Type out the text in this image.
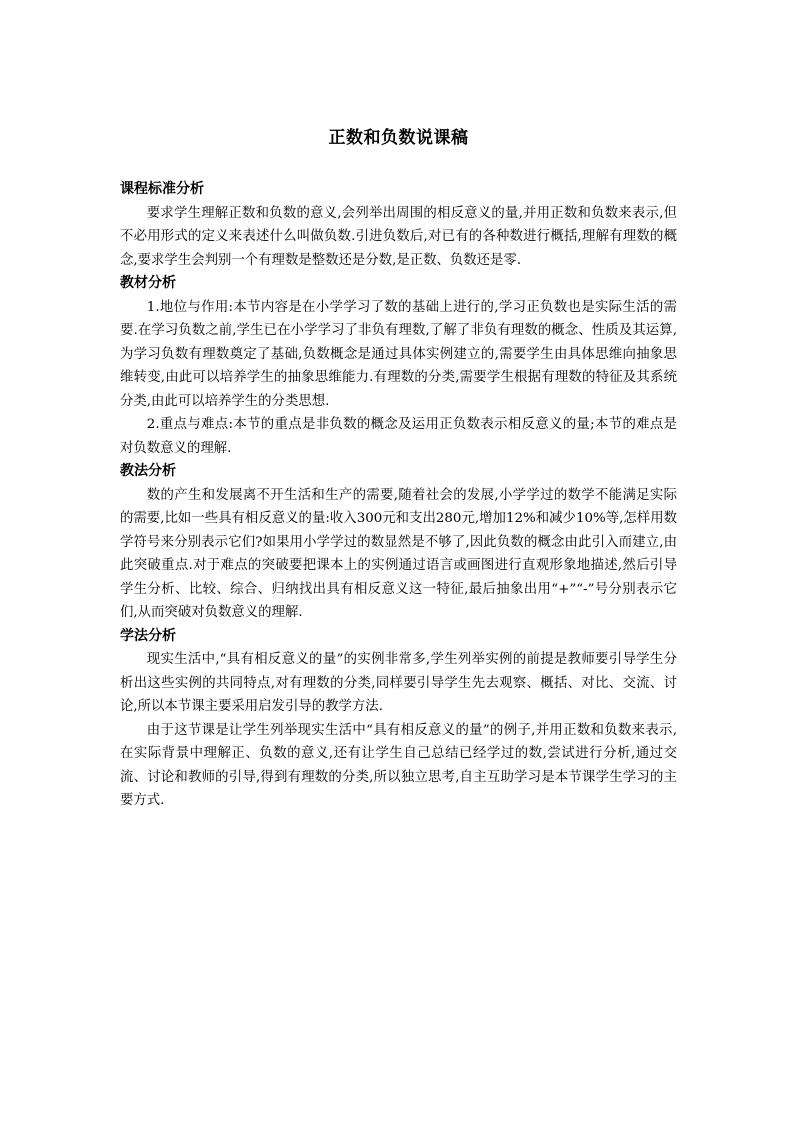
正数和负数说课稿
课程标准分析

要求学生理解正数和负数的意义,会列举出周围的相反意义的量,并用正数和负数来表示,但不必用形式的定义来表述什么叫做负数.引进负数后,对已有的各种数进行概括,理解有理数的概念,要求学生会判别一个有理数是整数还是分数,是正数、负数还是零.

教材分析

1.地位与作用:本节内容是在小学学习了数的基础上进行的,学习正负数也是实际生活的需要.在学习负数之前,学生已在小学学习了非负有理数,了解了非负有理数的概念、性质及其运算,为学习负数有理数奠定了基础,负数概念是通过具体实例建立的,需要学生由具体思维向抽象思维转变,由此可以培养学生的抽象思维能力.有理数的分类,需要学生根据有理数的特征及其系统分类,由此可以培养学生的分类思想.

2.重点与难点:本节的重点是非负数的概念及运用正负数表示相反意义的量;本节的难点是对负数意义的理解.

教法分析

数的产生和发展离不开生活和生产的需要,随着社会的发展,小学学过的数学不能满足实际的需要,比如一些具有相反意义的量:收入300元和支出280元,增加12%和减少10%等,怎样用数学符号来分别表示它们?如果用小学学过的数显然是不够了,因此负数的概念由此引入而建立,由此突破重点.对于难点的突破要把课本上的实例通过语言或画图进行直观形象地描述,然后引导学生分析、比较、综合、归纳找出具有相反意义这一特征,最后抽象出用“+”“-”号分别表示它们,从而突破对负数意义的理解.

学法分析

现实生活中,“具有相反意义的量”的实例非常多,学生列举实例的前提是教师要引导学生分析出这些实例的共同特点,对有理数的分类,同样要引导学生先去观察、概括、对比、交流、讨论,所以本节课主要采用启发引导的教学方法.

由于这节课是让学生列举现实生活中“具有相反意义的量”的例子,并用正数和负数来表示,在实际背景中理解正、负数的意义,还有让学生自己总结已经学过的数,尝试进行分析,通过交流、讨论和教师的引导,得到有理数的分类,所以独立思考,自主互助学习是本节课学生学习的主要方式.
